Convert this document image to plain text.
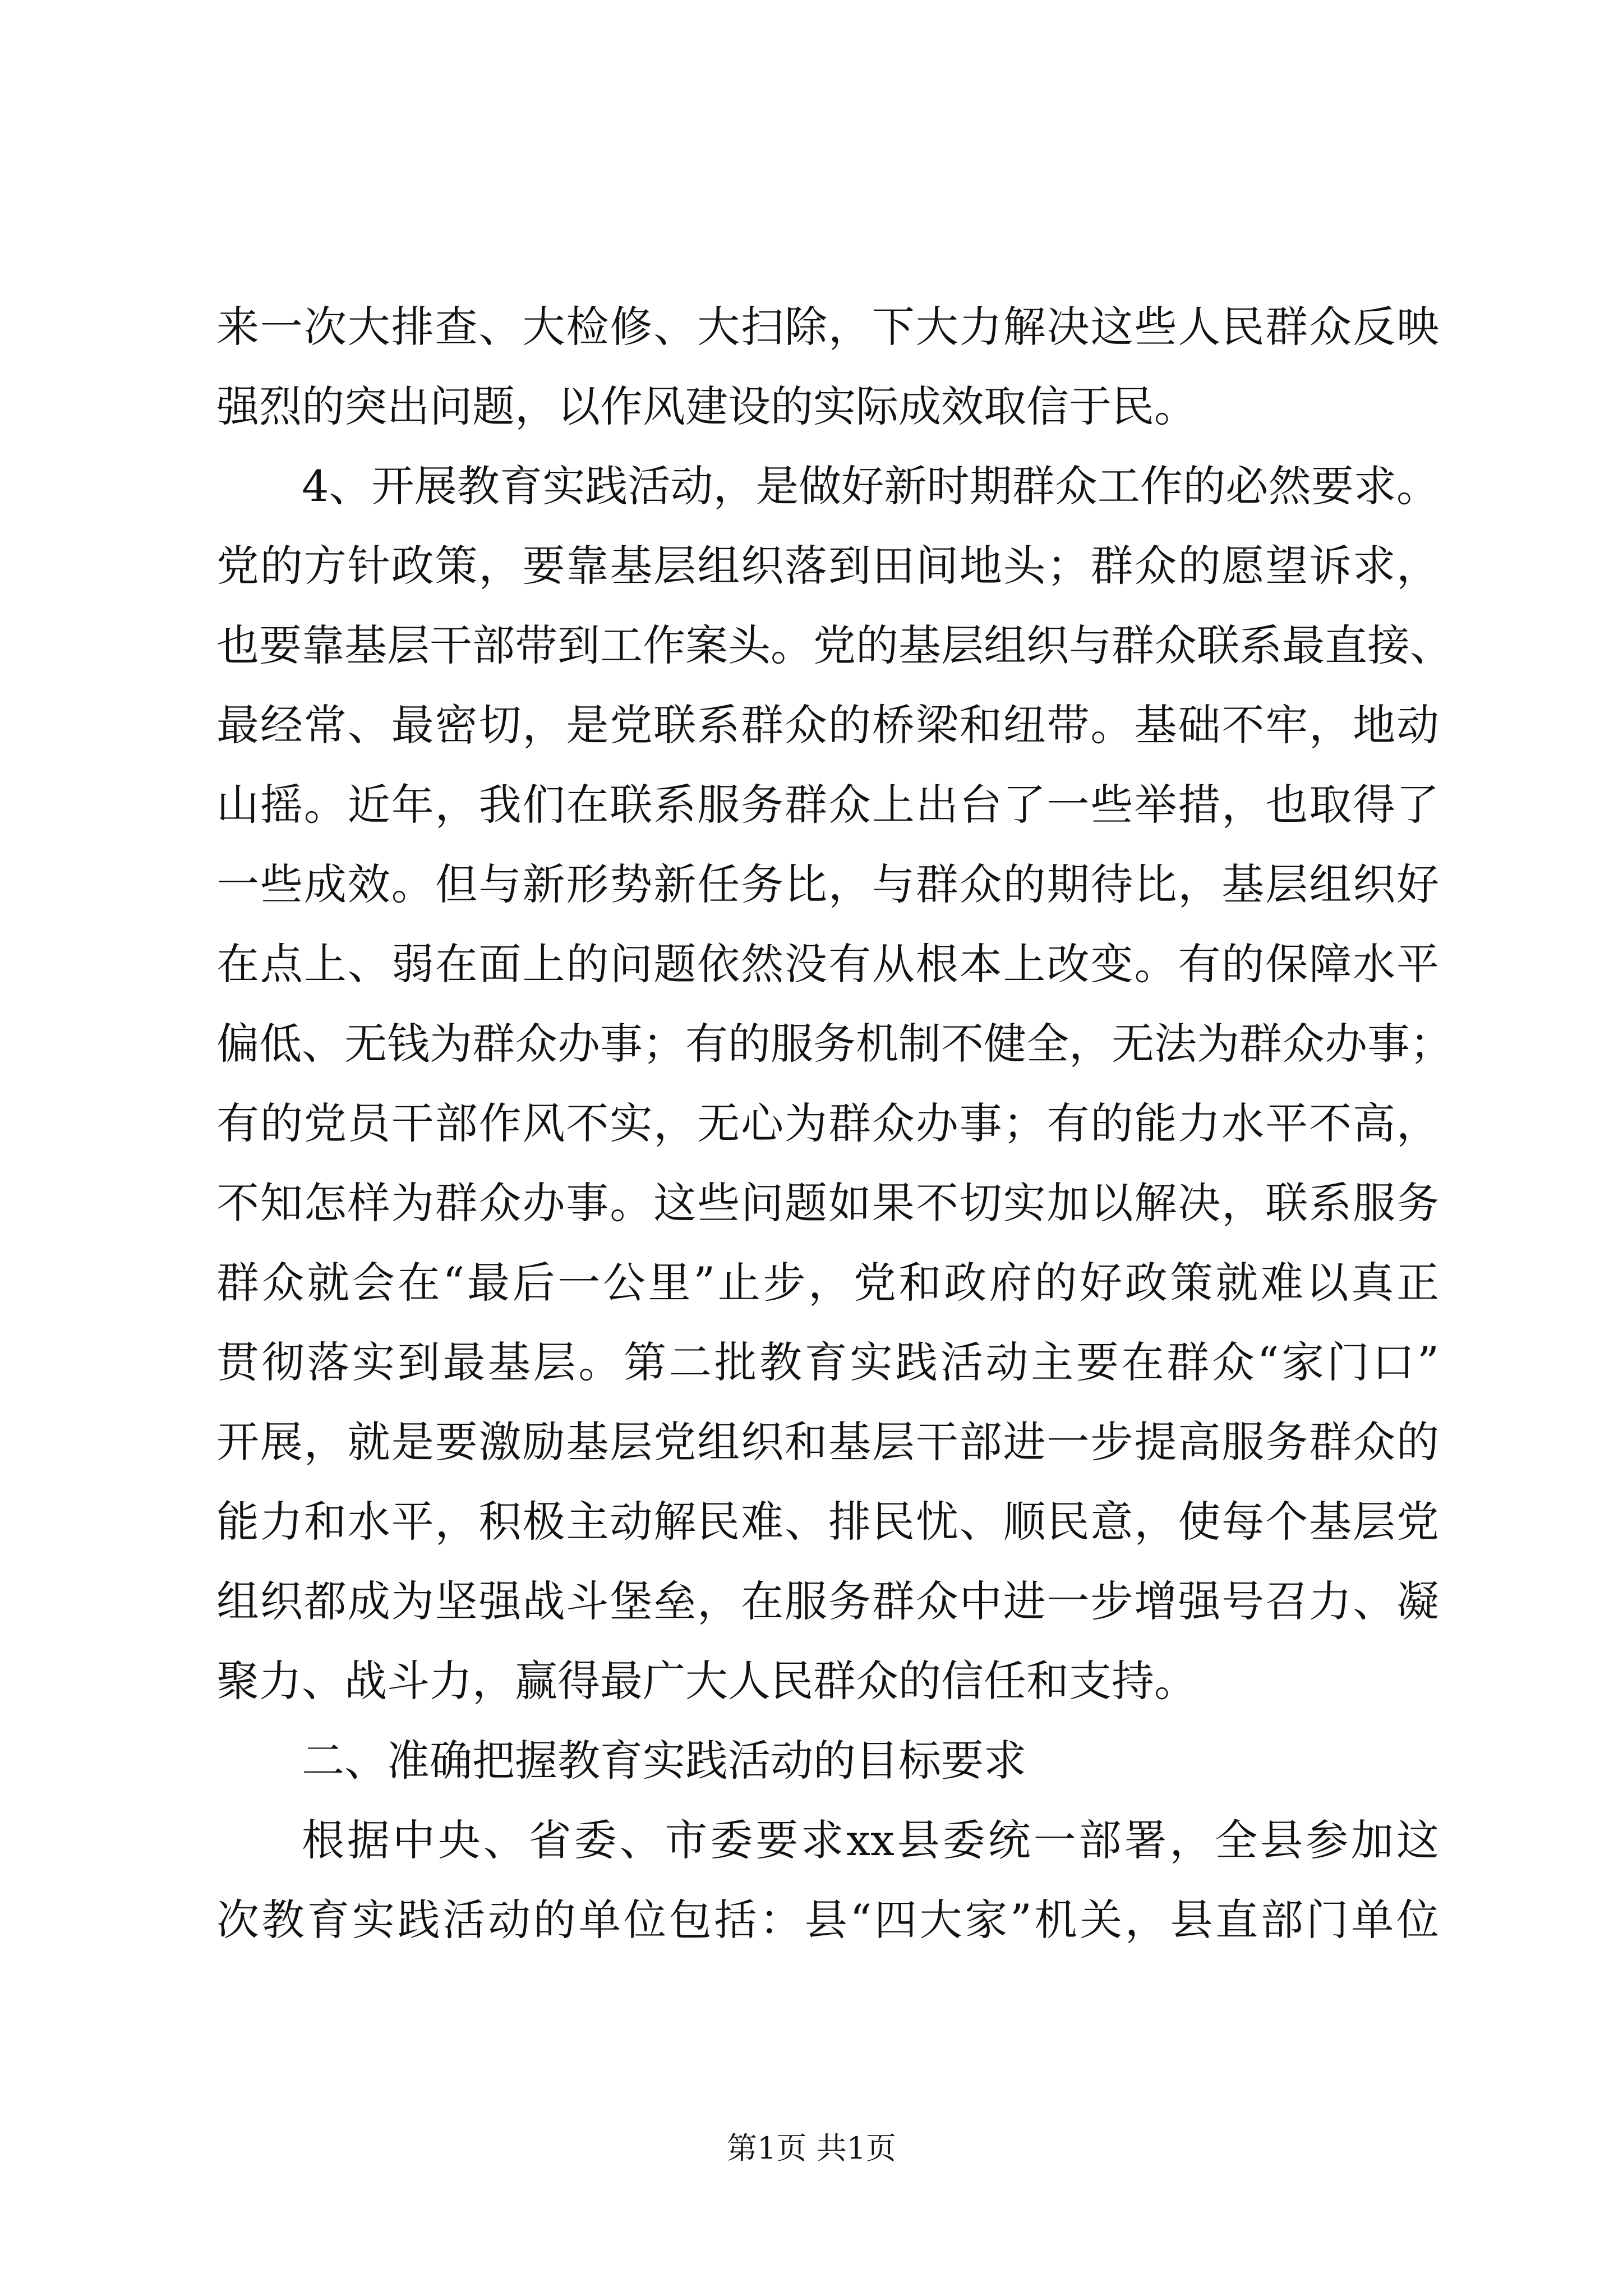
来一次大排查、大检修、大扫除，下大力解决这些人民群众反映
强烈的突出问题，以作风建设的实际成效取信于民。
4、开展教育实践活动，是做好新时期群众工作的必然要求。
党的方针政策，要靠基层组织落到田间地头；群众的愿望诉求，
也要靠基层干部带到工作案头。党的基层组织与群众联系最直接、
最经常、最密切，是党联系群众的桥梁和纽带。基础不牢，地动
山摇。近年，我们在联系服务群众上出台了一些举措，也取得了
一些成效。但与新形势新任务比，与群众的期待比，基层组织好
在点上、弱在面上的问题依然没有从根本上改变。有的保障水平
偏低、无钱为群众办事；有的服务机制不健全，无法为群众办事；
有的党员干部作风不实，无心为群众办事；有的能力水平不高，
不知怎样为群众办事。这些问题如果不切实加以解决，联系服务
群众就会在“最后一公里”止步，党和政府的好政策就难以真正
贯彻落实到最基层。第二批教育实践活动主要在群众“家门口”
开展，就是要激励基层党组织和基层干部进一步提高服务群众的
能力和水平，积极主动解民难、排民忧、顺民意，使每个基层党
组织都成为坚强战斗堡垒，在服务群众中进一步增强号召力、凝
聚力、战斗力，赢得最广大人民群众的信任和支持。
二、准确把握教育实践活动的目标要求
根据中央、省委、市委要求xx县委统一部署，全县参加这
次教育实践活动的单位包括：县“四大家”机关，县直部门单位
第1页 共1页
